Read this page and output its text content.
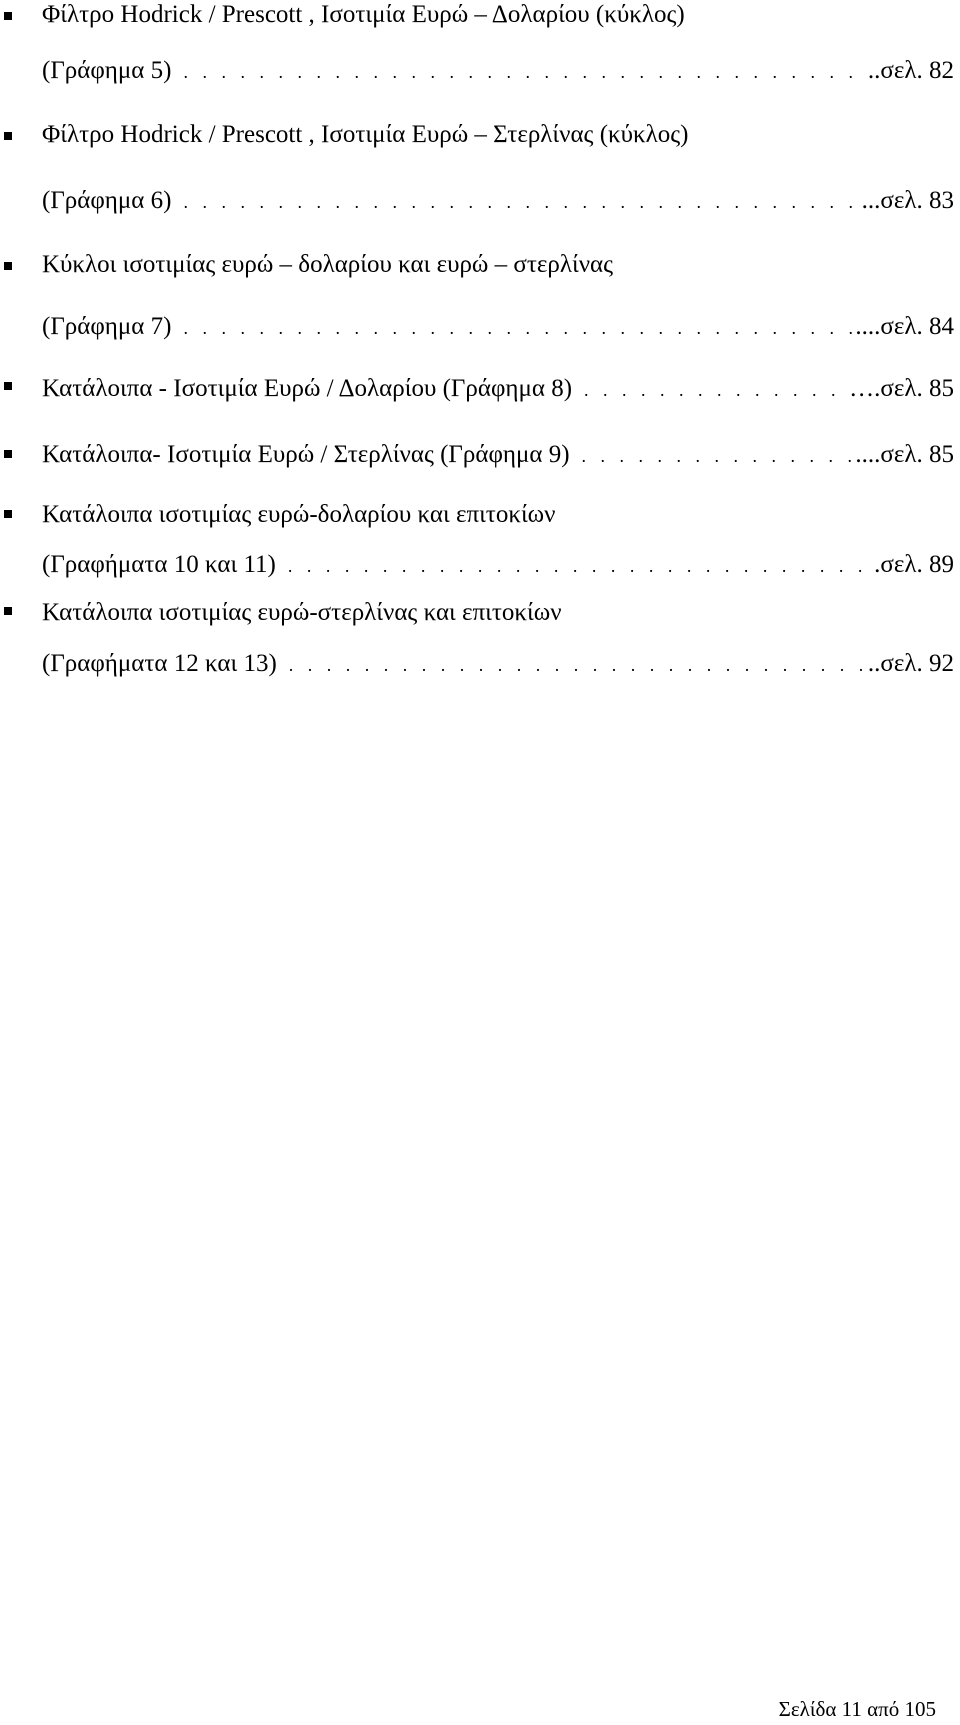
Φίλτρο Hodrick / Prescott , Ισοτιμία Ευρώ – Δολαρίου (κύκλος)
(Γράφημα 5) . . .	..σελ. 82
Φίλτρο Hodrick / Prescott , Ισοτιμία Ευρώ – Στερλίνας (κύκλος)
(Γράφημα 6) . . .	...σελ. 83
Κύκλοι ισοτιμίας ευρώ – δολαρίου και ευρώ – στερλίνας
(Γράφημα 7) . . .	....σελ. 84
Κατάλοιπα - Ισοτιμία Ευρώ / Δολαρίου (Γράφημα 8) . . .	….σελ. 85
Κατάλοιπα- Ισοτιμία Ευρώ / Στερλίνας (Γράφημα 9) . . .	....σελ. 85
Κατάλοιπα ισοτιμίας ευρώ-δολαρίου και επιτοκίων
(Γραφήματα 10 και 11) . . .	.σελ. 89
Κατάλοιπα ισοτιμίας ευρώ-στερλίνας και επιτοκίων
(Γραφήματα 12 και 13) . . .	..σελ. 92
Σελίδα 11 από 105
